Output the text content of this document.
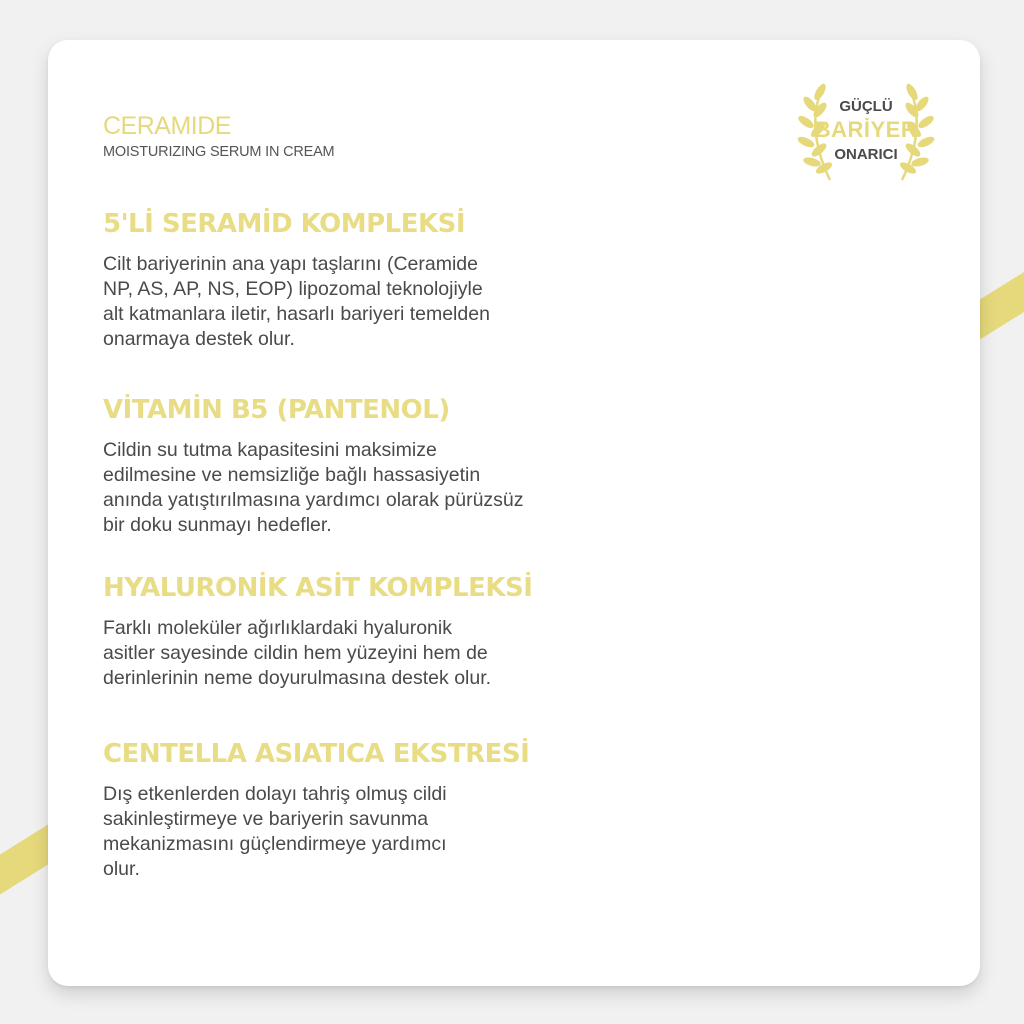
CERAMIDE
MOISTURIZING SERUM IN CREAM
GÜÇLÜ
BARİYER
ONARICI
5'Lİ SERAMİD KOMPLEKSİ

Cilt bariyerinin ana yapı taşlarını (Ceramide
NP, AS, AP, NS, EOP) lipozomal teknolojiyle
alt katmanlara iletir, hasarlı bariyeri temelden
onarmaya destek olur.

VİTAMİN B5 (PANTENOL)

Cildin su tutma kapasitesini maksimize
edilmesine ve nemsizliğe bağlı hassasiyetin
anında yatıştırılmasına yardımcı olarak pürüzsüz
bir doku sunmayı hedefler.

HYALURONİK ASİT KOMPLEKSİ

Farklı moleküler ağırlıklardaki hyaluronik
asitler sayesinde cildin hem yüzeyini hem de
derinlerinin neme doyurulmasına destek olur.

CENTELLA ASIATICA EKSTRESİ

Dış etkenlerden dolayı tahriş olmuş cildi
sakinleştirmeye ve bariyerin savunma
mekanizmasını güçlendirmeye yardımcı
olur.
